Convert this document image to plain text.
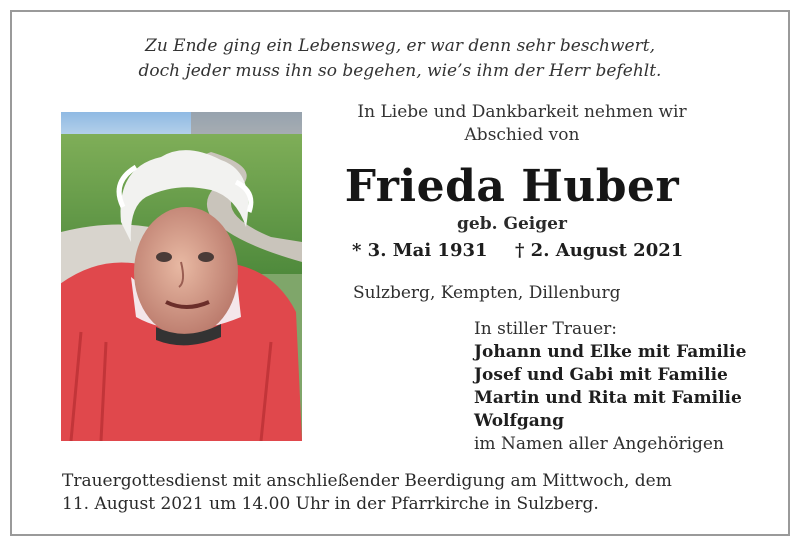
Zu Ende ging ein Lebensweg, er war denn sehr beschwert,
doch jeder muss ihn so begehen, wie’s ihm der Herr befehlt.
In Liebe und Dankbarkeit nehmen wir
Abschied von
Frieda Huber
geb. Geiger
* 3. Mai 1931 † 2. August 2021
Sulzberg, Kempten, Dillenburg
In stiller Trauer:
Johann und Elke mit Familie
Josef und Gabi mit Familie
Martin und Rita mit Familie
Wolfgang
im Namen aller Angehörigen
Trauergottesdienst mit anschließender Beerdigung am Mittwoch, dem
11. August 2021 um 14.00 Uhr in der Pfarrkirche in Sulzberg.
